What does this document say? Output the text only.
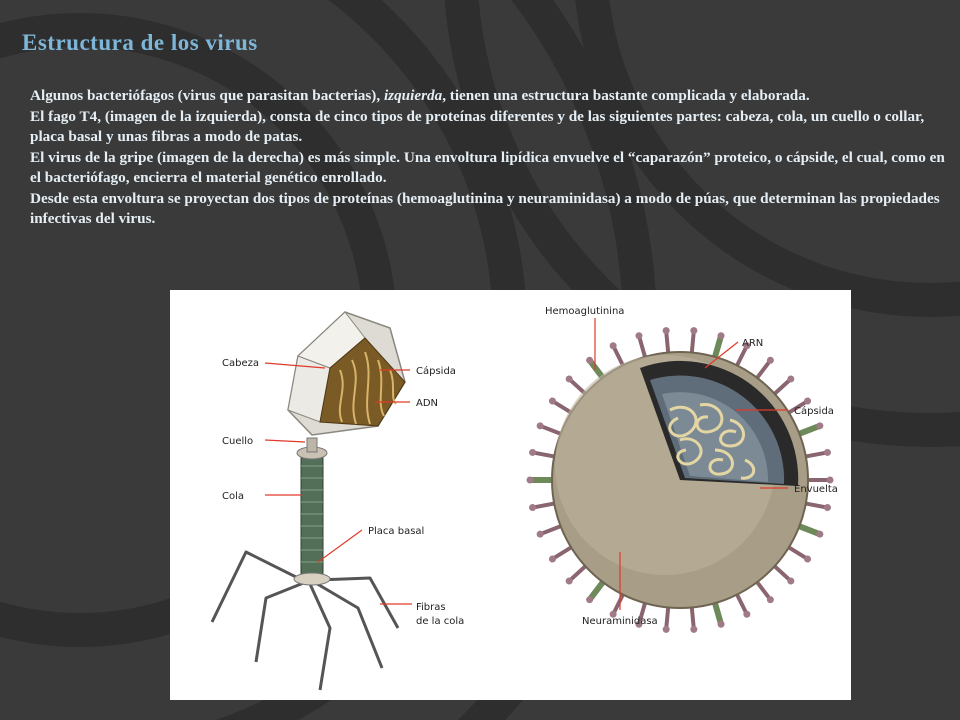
Estructura de los virus

Algunos bacteriófagos (virus que parasitan bacterias), izquierda, tienen una estructura bastante complicada y elaborada.

El fago T4, (imagen de la izquierda), consta de cinco tipos de proteínas diferentes y de las siguientes partes: cabeza, cola, un cuello o collar, placa basal y unas fibras a modo de patas.

El virus de la gripe (imagen de la derecha) es más simple. Una envoltura lipídica envuelve el “caparazón” proteico, o cápside, el cual, como en el bacteriófago, encierra el material genético enrollado.

Desde esta envoltura se proyectan dos tipos de proteínas (hemoaglutinina y neuraminidasa) a modo de púas, que determinan las propiedades infectivas del virus.

Cabeza
Cápsida
ADN
Cuello
Cola
Placa basal
Fibras
de la cola
Hemoaglutinina
ARN
Cápsida
Envuelta
Neuraminidasa
